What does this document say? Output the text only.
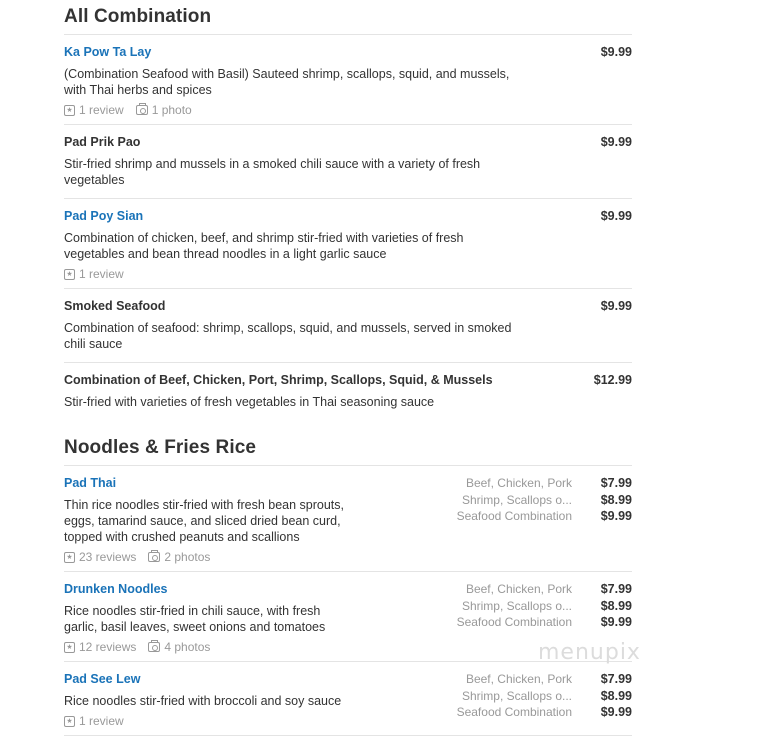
All Combination
Ka Pow Ta Lay	$9.99
(Combination Seafood with Basil) Sauteed shrimp, scallops, squid, and mussels, with Thai herbs and spices
★ 1 review 1 photo
Pad Prik Pao	$9.99
Stir-fried shrimp and mussels in a smoked chili sauce with a variety of fresh vegetables
Pad Poy Sian	$9.99
Combination of chicken, beef, and shrimp stir-fried with varieties of fresh vegetables and bean thread noodles in a light garlic sauce
★ 1 review
Smoked Seafood	$9.99
Combination of seafood: shrimp, scallops, squid, and mussels, served in smoked chili sauce
Combination of Beef, Chicken, Port, Shrimp, Scallops, Squid, & Mussels	$12.99
Stir-fried with varieties of fresh vegetables in Thai seasoning sauce
Noodles & Fries Rice
Pad Thai	Beef, Chicken, Pork	$7.99
Shrimp, Scallops o...	$8.99
Seafood Combination	$9.99
Thin rice noodles stir-fried with fresh bean sprouts, eggs, tamarind sauce, and sliced dried bean curd, topped with crushed peanuts and scallions
★ 23 reviews 2 photos
Drunken Noodles	Beef, Chicken, Pork	$7.99
Shrimp, Scallops o...	$8.99
Seafood Combination	$9.99
Rice noodles stir-fried in chili sauce, with fresh garlic, basil leaves, sweet onions and tomatoes
★ 12 reviews 4 photos
Pad See Lew	Beef, Chicken, Pork	$7.99
Shrimp, Scallops o...	$8.99
Seafood Combination	$9.99
Rice noodles stir-fried with broccoli and soy sauce
★ 1 review
menupix
